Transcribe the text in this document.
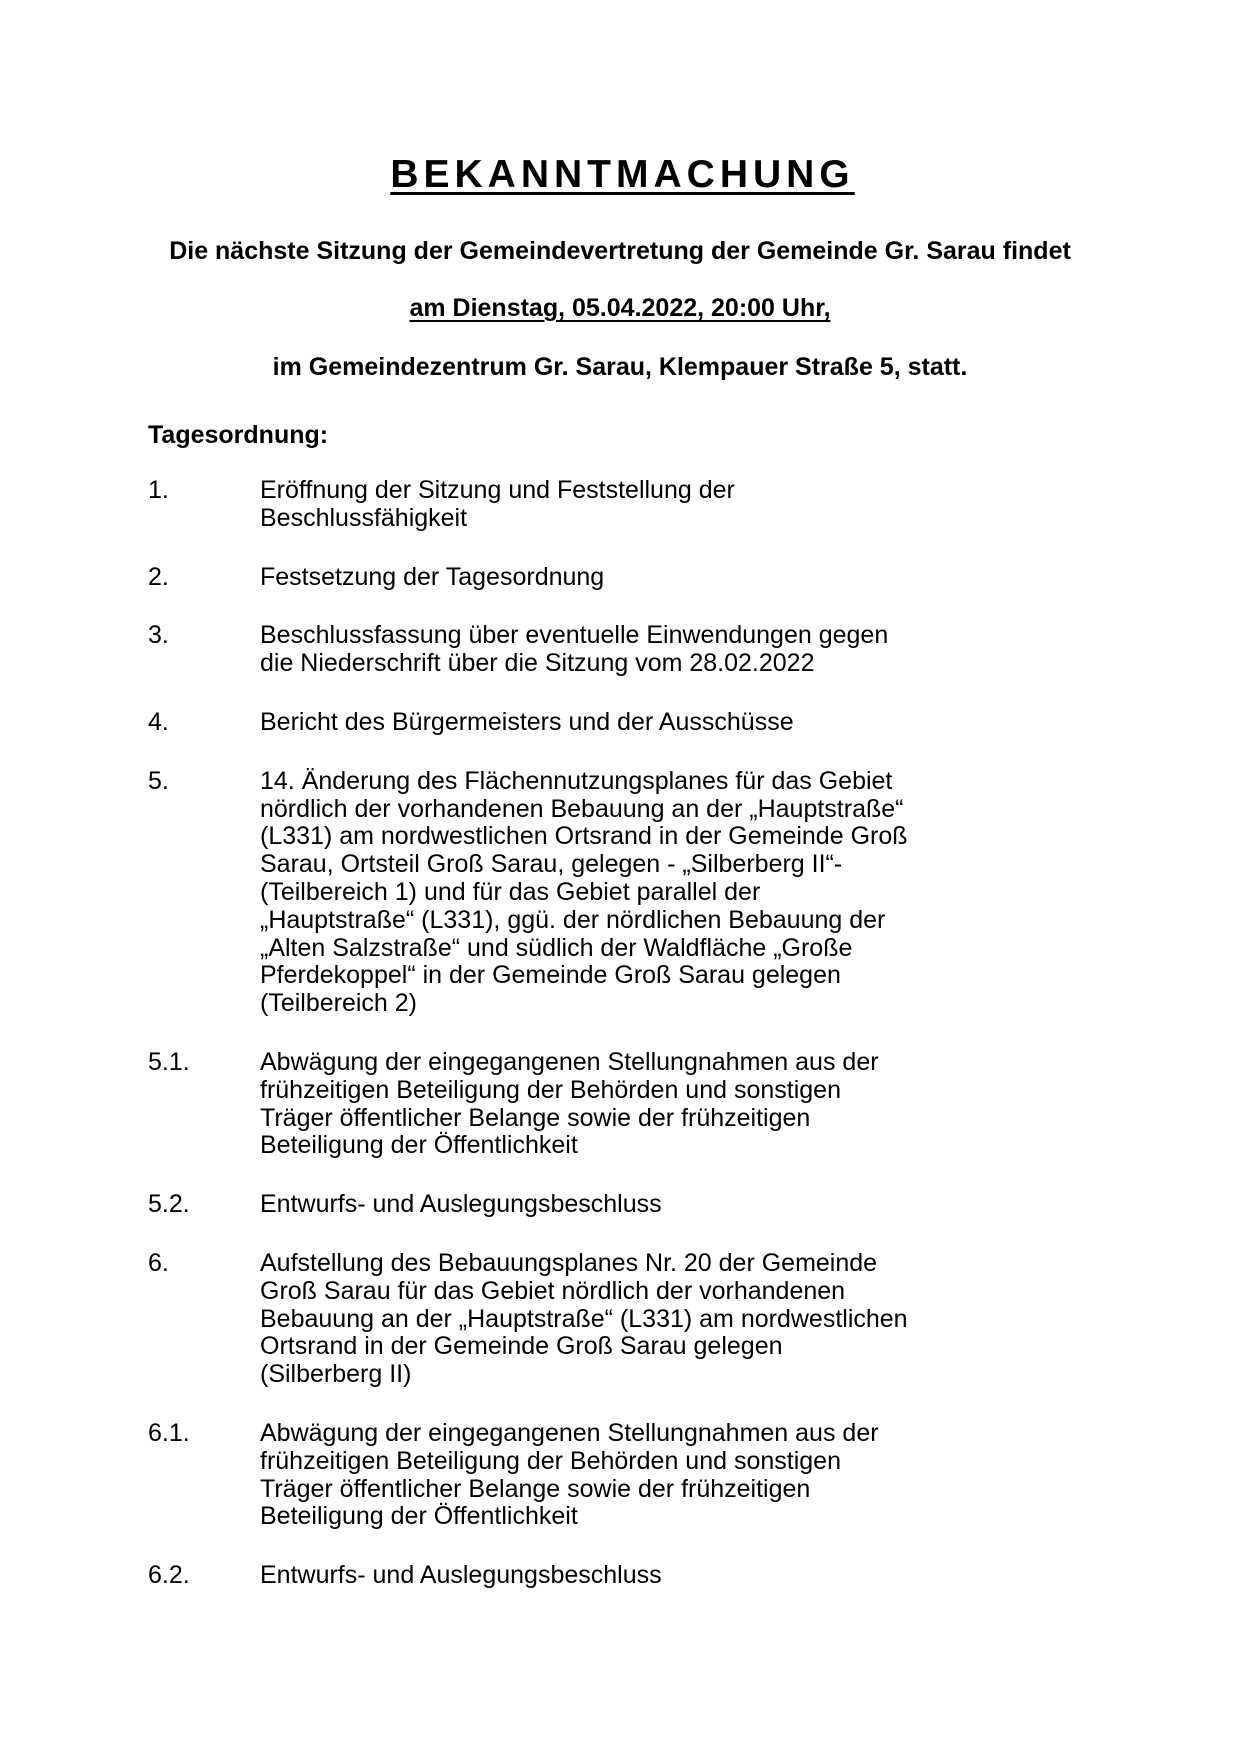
BEKANNTMACHUNG

Die nächste Sitzung der Gemeindevertretung der Gemeinde Gr. Sarau findet

am Dienstag, 05.04.2022, 20:00 Uhr,

im Gemeindezentrum Gr. Sarau, Klempauer Straße 5, statt.

Tagesordnung:
1.	Eröffnung der Sitzung und Feststellung der
Beschlussfähigkeit
2.	Festsetzung der Tagesordnung
3.	Beschlussfassung über eventuelle Einwendungen gegen
die Niederschrift über die Sitzung vom 28.02.2022
4.	Bericht des Bürgermeisters und der Ausschüsse
5.	14. Änderung des Flächennutzungsplanes für das Gebiet
nördlich der vorhandenen Bebauung an der „Hauptstraße“
(L331) am nordwestlichen Ortsrand in der Gemeinde Groß
Sarau, Ortsteil Groß Sarau, gelegen - „Silberberg II“-
(Teilbereich 1) und für das Gebiet parallel der
„Hauptstraße“ (L331), ggü. der nördlichen Bebauung der
„Alten Salzstraße“ und südlich der Waldfläche „Große
Pferdekoppel“ in der Gemeinde Groß Sarau gelegen
(Teilbereich 2)
5.1.	Abwägung der eingegangenen Stellungnahmen aus der
frühzeitigen Beteiligung der Behörden und sonstigen
Träger öffentlicher Belange sowie der frühzeitigen
Beteiligung der Öffentlichkeit
5.2.	Entwurfs- und Auslegungsbeschluss
6.	Aufstellung des Bebauungsplanes Nr. 20 der Gemeinde
Groß Sarau für das Gebiet nördlich der vorhandenen
Bebauung an der „Hauptstraße“ (L331) am nordwestlichen
Ortsrand in der Gemeinde Groß Sarau gelegen
(Silberberg II)
6.1.	Abwägung der eingegangenen Stellungnahmen aus der
frühzeitigen Beteiligung der Behörden und sonstigen
Träger öffentlicher Belange sowie der frühzeitigen
Beteiligung der Öffentlichkeit
6.2.	Entwurfs- und Auslegungsbeschluss
